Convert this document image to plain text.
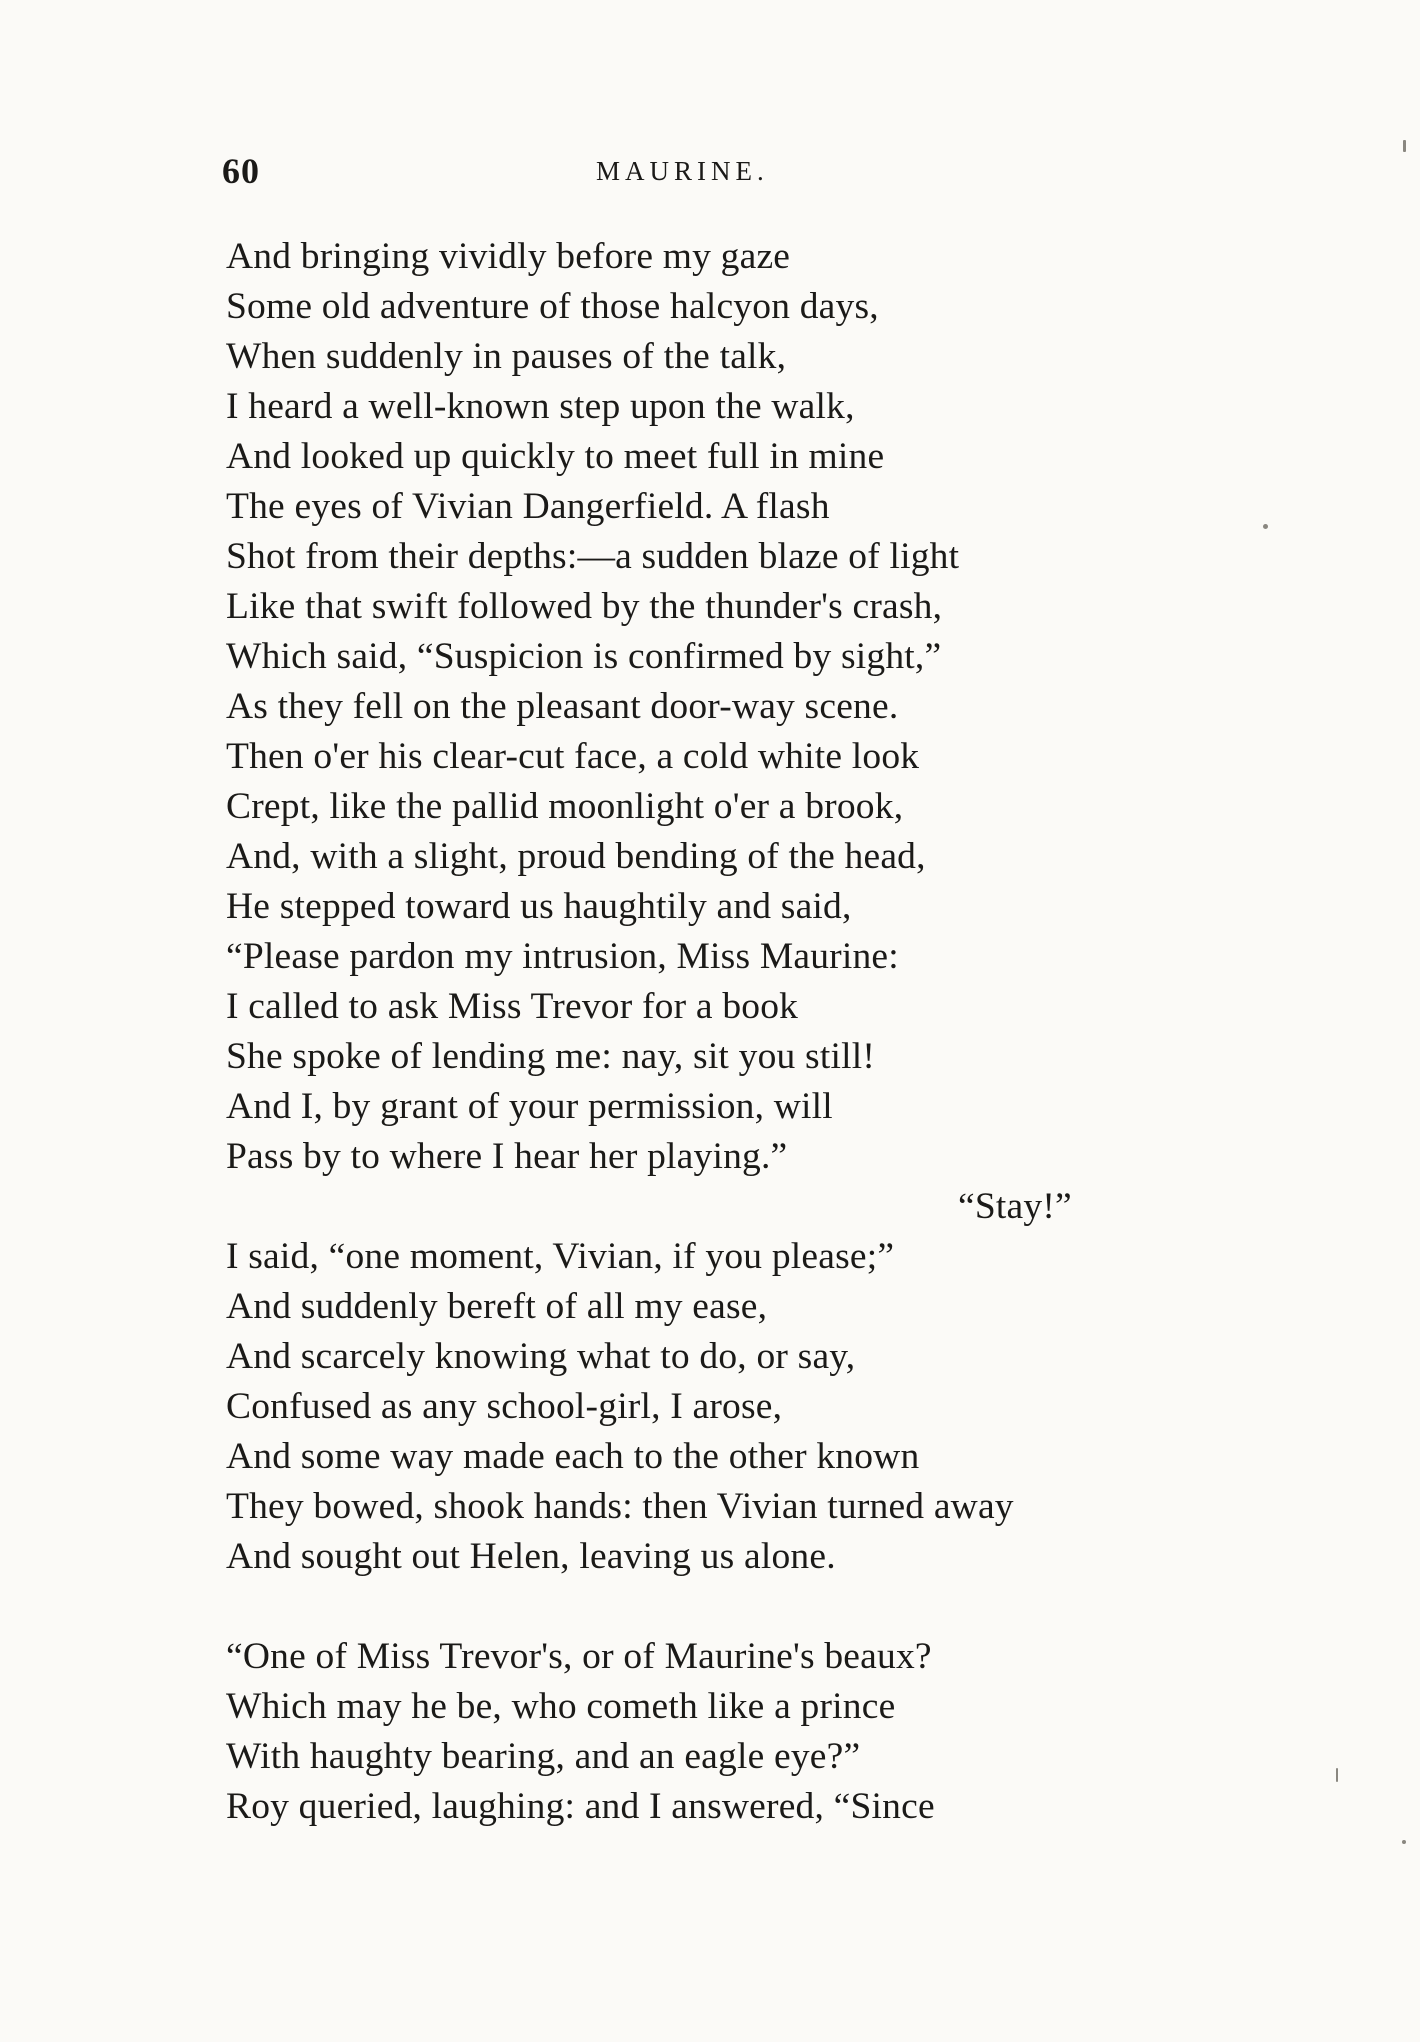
60	MAURINE.
And bringing vividly before my gaze
Some old adventure of those halcyon days,
When suddenly in pauses of the talk,
I heard a well-known step upon the walk,
And looked up quickly to meet full in mine
The eyes of Vivian Dangerfield. A flash
Shot from their depths:—a sudden blaze of light
Like that swift followed by the thunder's crash,
Which said, “Suspicion is confirmed by sight,”
As they fell on the pleasant door-way scene.
Then o'er his clear-cut face, a cold white look
Crept, like the pallid moonlight o'er a brook,
And, with a slight, proud bending of the head,
He stepped toward us haughtily and said,
“Please pardon my intrusion, Miss Maurine:
I called to ask Miss Trevor for a book
She spoke of lending me: nay, sit you still!
And I, by grant of your permission, will
Pass by to where I hear her playing.”
“Stay!”
I said, “one moment, Vivian, if you please;”
And suddenly bereft of all my ease,
And scarcely knowing what to do, or say,
Confused as any school-girl, I arose,
And some way made each to the other known
They bowed, shook hands: then Vivian turned away
And sought out Helen, leaving us alone.
“One of Miss Trevor's, or of Maurine's beaux?
Which may he be, who cometh like a prince
With haughty bearing, and an eagle eye?”
Roy queried, laughing: and I answered, “Since
